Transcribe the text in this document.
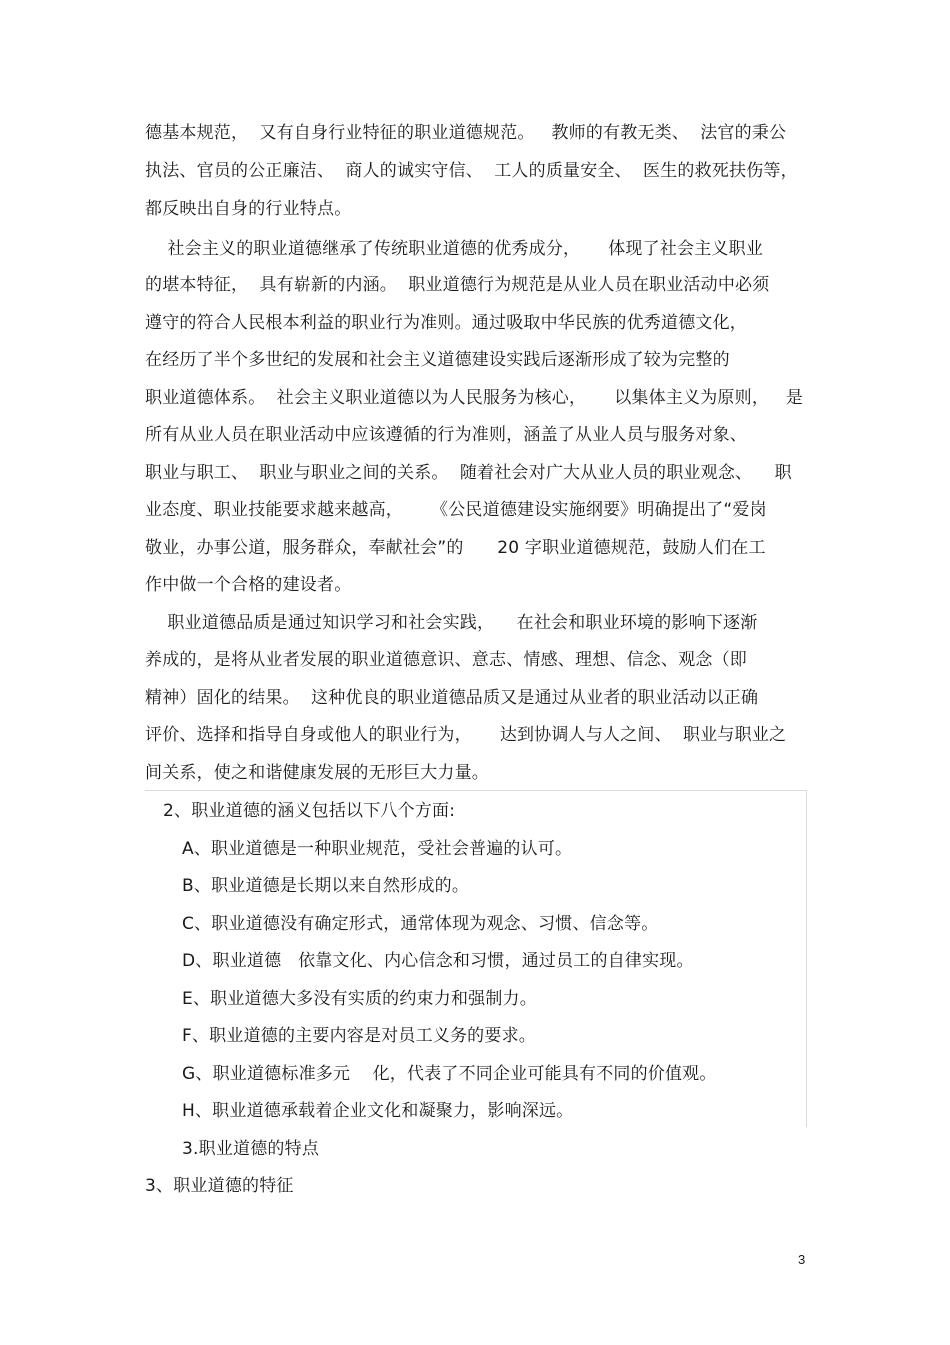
德基本规范，  又有自身行业特征的职业道德规范。   教师的有教无类、  法官的秉公
执法、官员的公正廉洁、  商人的诚实守信、  工人的质量安全、  医生的救死扶伤等，
都反映出自身的行业特点。
社会主义的职业道德继承了传统职业道德的优秀成分，     体现了社会主义职业
的堪本特征，  具有崭新的内涵。  职业道德行为规范是从业人员在职业活动中必须
遵守的符合人民根本利益的职业行为准则。通过吸取中华民族的优秀道德文化，
在经历了半个多世纪的发展和社会主义道德建设实践后逐渐形成了较为完整的
职业道德体系。  社会主义职业道德以为人民服务为核心，     以集体主义为原则，   是
所有从业人员在职业活动中应该遵循的行为准则，涵盖了从业人员与服务对象、
职业与职工、  职业与职业之间的关系。  随着社会对广大从业人员的职业观念、    职
业态度、职业技能要求越来越高，     《公民道德建设实施纲要》明确提出了“爱岗
敬业，办事公道，服务群众，奉献社会”的      20 字职业道德规范，鼓励人们在工
作中做一个合格的建设者。
职业道德品质是通过知识学习和社会实践，    在社会和职业环境的影响下逐渐
养成的，是将从业者发展的职业道德意识、意志、情感、理想、信念、观念（即
精神）固化的结果。  这种优良的职业道德品质又是通过从业者的职业活动以正确
评价、选择和指导自身或他人的职业行为，     达到协调人与人之间、  职业与职业之
间关系，使之和谐健康发展的无形巨大力量。
2、职业道德的涵义包括以下八个方面:
A、职业道德是一种职业规范，受社会普遍的认可。
B、职业道德是长期以来自然形成的。
C、职业道德没有确定形式，通常体现为观念、习惯、信念等。
D、职业道德   依靠文化、内心信念和习惯，通过员工的自律实现。
E、职业道德大多没有实质的约束力和强制力。
F、职业道德的主要内容是对员工义务的要求。
G、职业道德标准多元    化，代表了不同企业可能具有不同的价值观。
H、职业道德承载着企业文化和凝聚力，影响深远。
3.职业道德的特点
3、职业道德的特征
3
